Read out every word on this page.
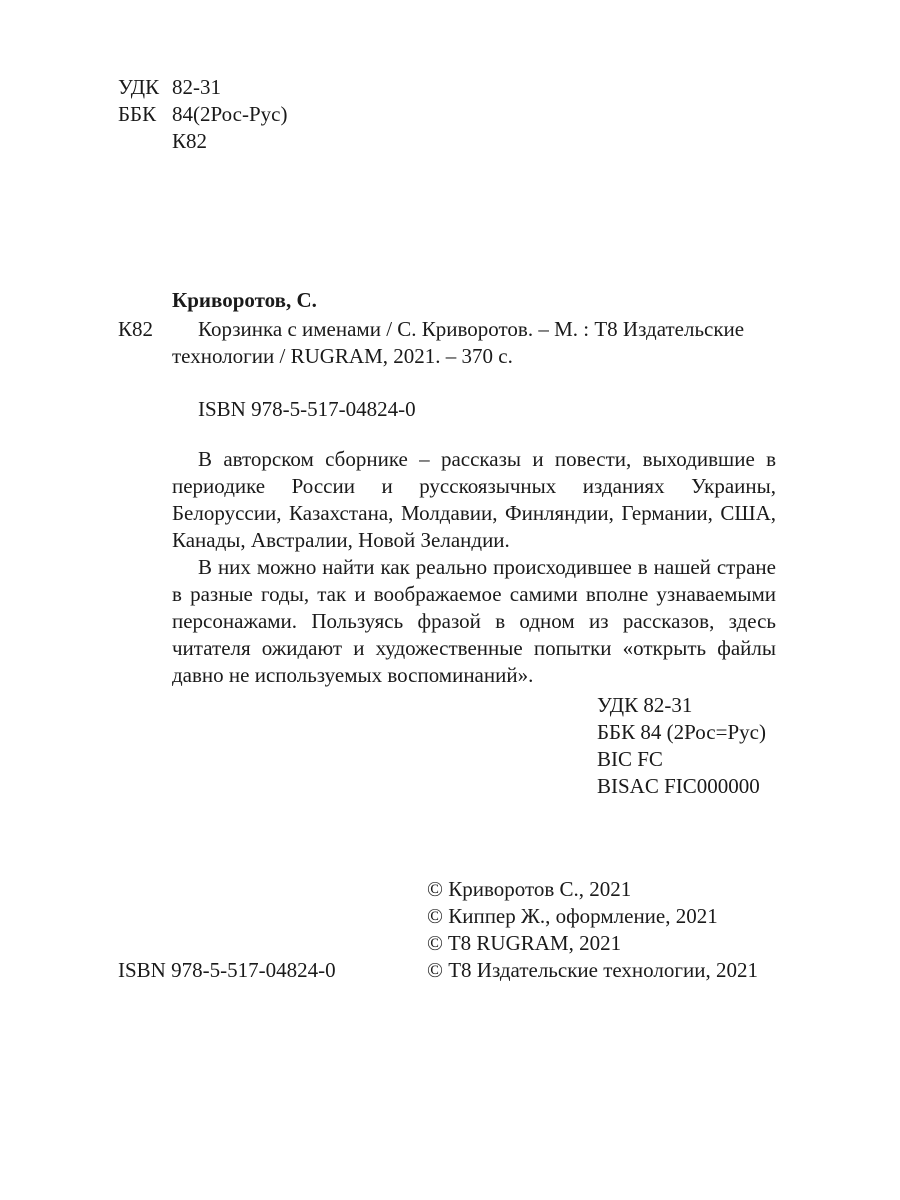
УДК 82-31
ББК 84(2Рос-Рус)
К82
Криворотов, С.
К82 Корзинка с именами / С. Криворотов. – М. : Т8 Издательские
технологии / RUGRAM, 2021. – 370 с.
ISBN 978-5-517-04824-0

В авторском сборнике – рассказы и повести, выходившие в периодике России и русскоязычных изданиях Украины, Белоруссии, Казахстана, Молдавии, Финляндии, Германии, США, Канады, Австралии, Новой Зеландии.

В них можно найти как реально происходившее в нашей стране в разные годы, так и воображаемое самими вполне узнаваемыми персонажами. Пользуясь фразой в одном из рассказов, здесь читателя ожидают и художественные попытки «открыть файлы давно не используемых воспоминаний».

УДК 82-31
ББК 84 (2Рос=Рус)
BIC FC
BISAC FIC000000
© Криворотов С., 2021
© Киппер Ж., оформление, 2021
© T8 RUGRAM, 2021
© Т8 Издательские технологии, 2021
ISBN 978-5-517-04824-0
